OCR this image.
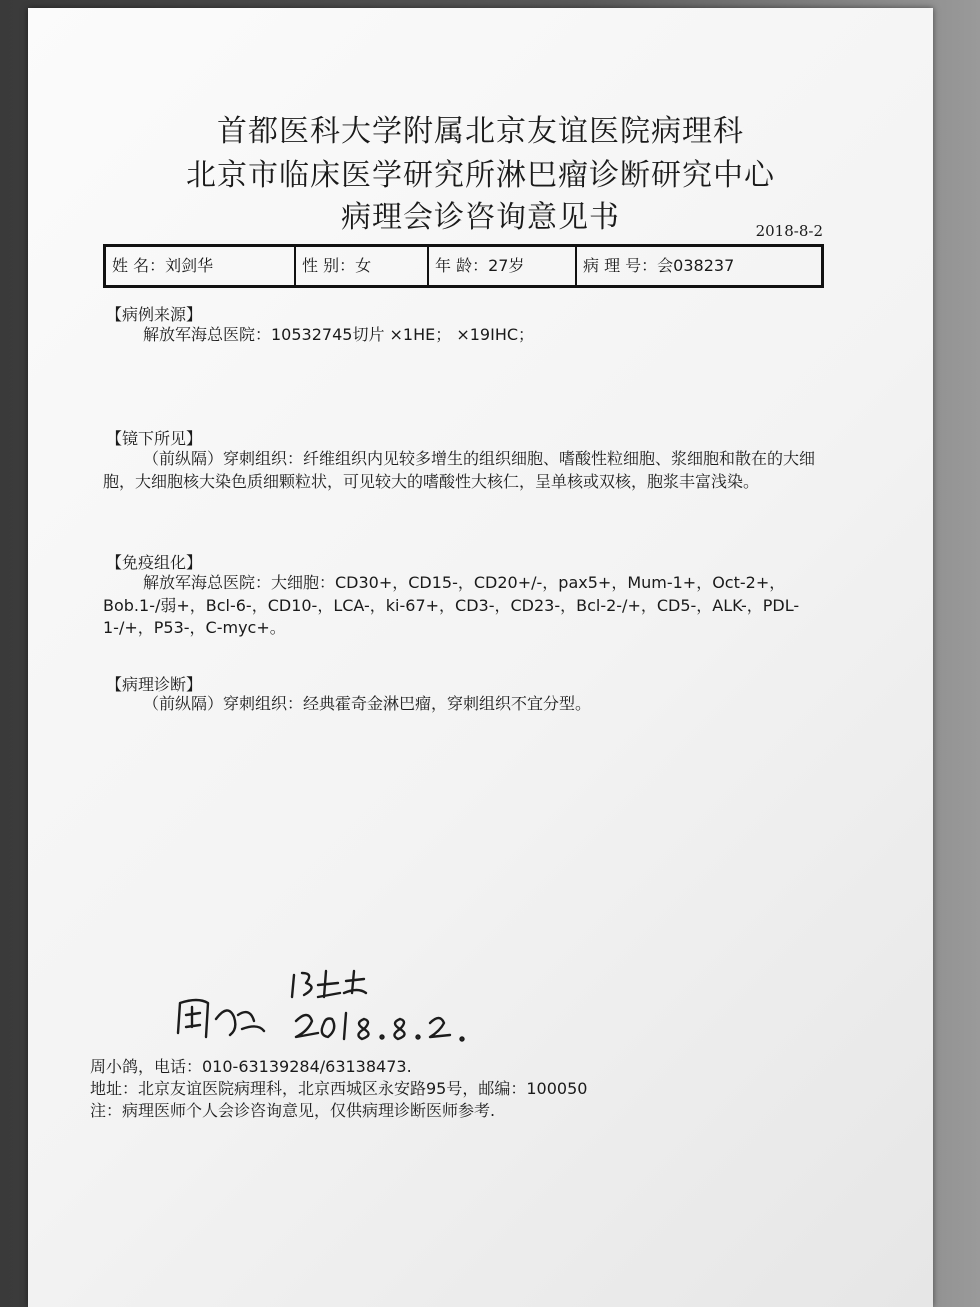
首都医科大学附属北京友谊医院病理科
北京市临床医学研究所淋巴瘤诊断研究中心
病理会诊咨询意见书	2018-8-2
姓 名：刘剑华	性 别：女	年 龄：27岁	病 理 号：会038237
【病例来源】
解放军海总医院：10532745切片 ×1HE； ×19IHC；
【镜下所见】
（前纵隔）穿刺组织：纤维组织内见较多增生的组织细胞、嗜酸性粒细胞、浆细胞和散在的大细胞，大细胞核大染色质细颗粒状，可见较大的嗜酸性大核仁，呈单核或双核，胞浆丰富浅染。
【免疫组化】
解放军海总医院：大细胞：CD30+，CD15-，CD20+/-，pax5+，Mum-1+，Oct-2+，Bob.1-/弱+，Bcl-6-，CD10-，LCA-，ki-67+，CD3-，CD23-，Bcl-2-/+，CD5-，ALK-，PDL-1-/+，P53-，C-myc+。
【病理诊断】
（前纵隔）穿刺组织：经典霍奇金淋巴瘤，穿刺组织不宜分型。
周小鸽，电话：010-63139284/63138473.
地址：北京友谊医院病理科，北京西城区永安路95号，邮编：100050
注：病理医师个人会诊咨询意见，仅供病理诊断医师参考.
